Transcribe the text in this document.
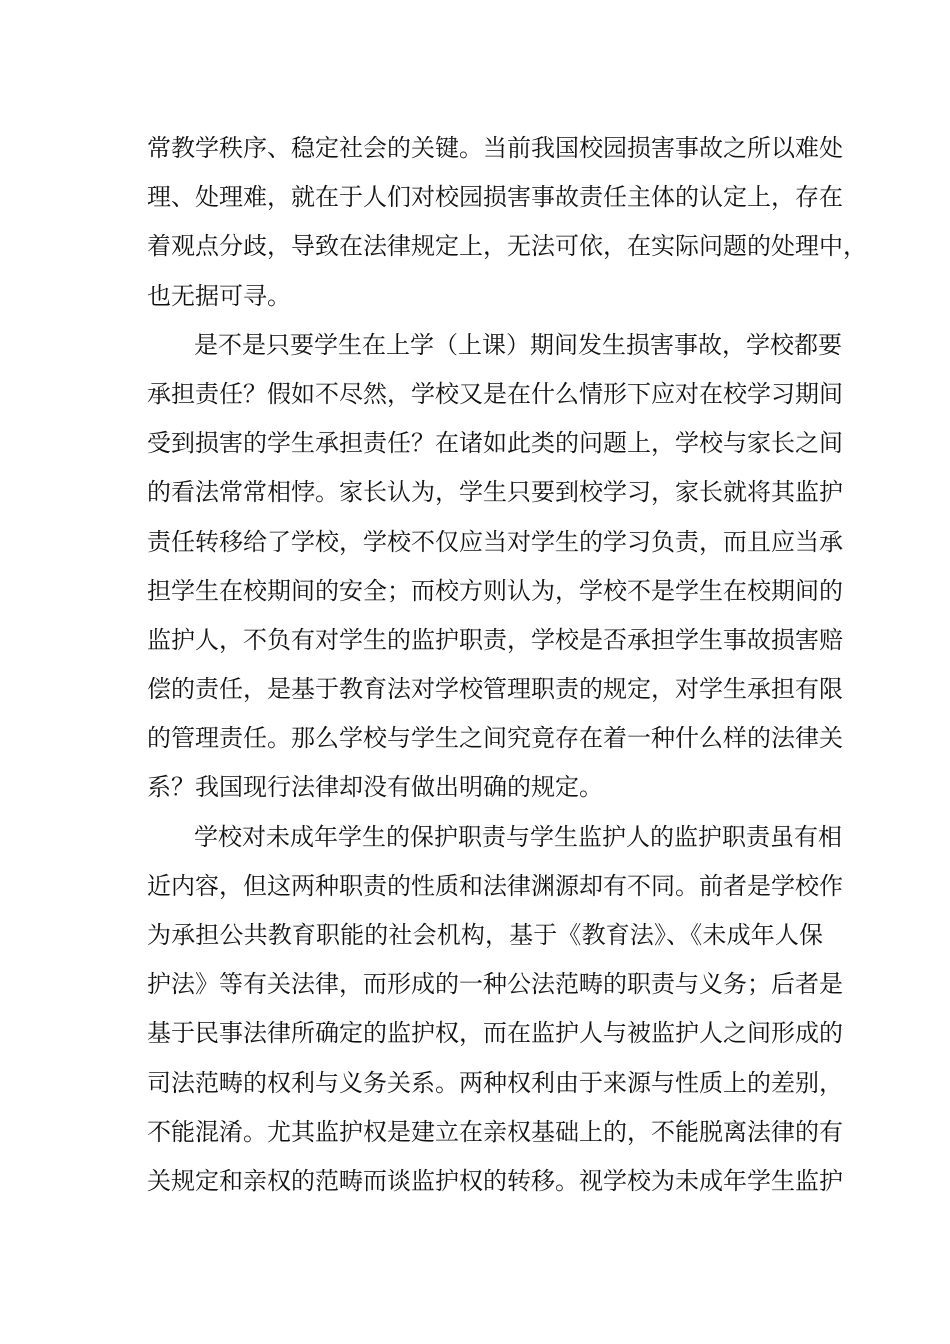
常教学秩序、稳定社会的关键。当前我国校园损害事故之所以难处
理、处理难，就在于人们对校园损害事故责任主体的认定上，存在
着观点分歧，导致在法律规定上，无法可依，在实际问题的处理中，
也无据可寻。
是不是只要学生在上学（上课）期间发生损害事故，学校都要
承担责任？假如不尽然，学校又是在什么情形下应对在校学习期间
受到损害的学生承担责任？在诸如此类的问题上，学校与家长之间
的看法常常相悖。家长认为，学生只要到校学习，家长就将其监护
责任转移给了学校，学校不仅应当对学生的学习负责，而且应当承
担学生在校期间的安全；而校方则认为，学校不是学生在校期间的
监护人，不负有对学生的监护职责，学校是否承担学生事故损害赔
偿的责任，是基于教育法对学校管理职责的规定，对学生承担有限
的管理责任。那么学校与学生之间究竟存在着一种什么样的法律关
系？我国现行法律却没有做出明确的规定。
学校对未成年学生的保护职责与学生监护人的监护职责虽有相
近内容，但这两种职责的性质和法律渊源却有不同。前者是学校作
为承担公共教育职能的社会机构，基于《教育法》、《未成年人保
护法》等有关法律，而形成的一种公法范畴的职责与义务；后者是
基于民事法律所确定的监护权，而在监护人与被监护人之间形成的
司法范畴的权利与义务关系。两种权利由于来源与性质上的差别，
不能混淆。尤其监护权是建立在亲权基础上的，不能脱离法律的有
关规定和亲权的范畴而谈监护权的转移。视学校为未成年学生监护
